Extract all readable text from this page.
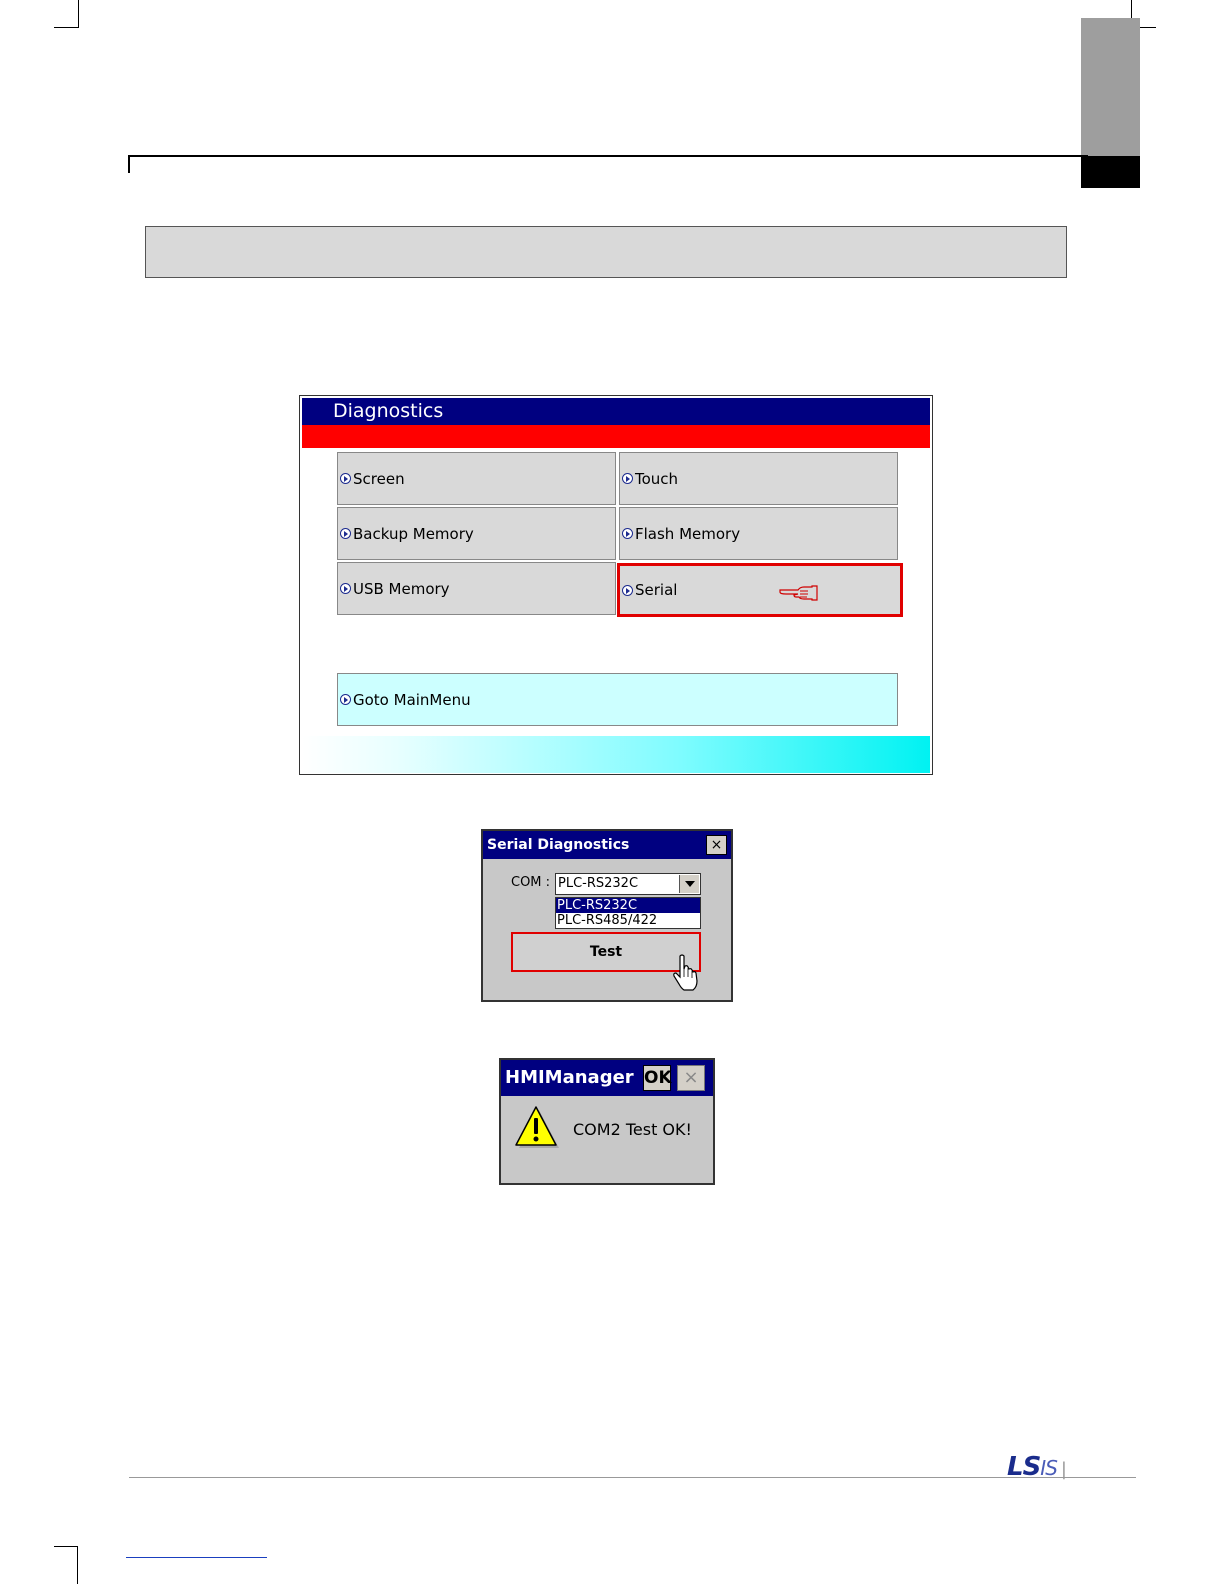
Diagnostics
Screen	Touch
Backup Memory	Flash Memory
USB Memory	Serial
Goto MainMenu
Serial Diagnostics	×
COM : PLC-RS232C
PLC-RS232C
PLC-RS485/422
Test
HMIManager OK ×
COM2 Test OK!
LSIS |
